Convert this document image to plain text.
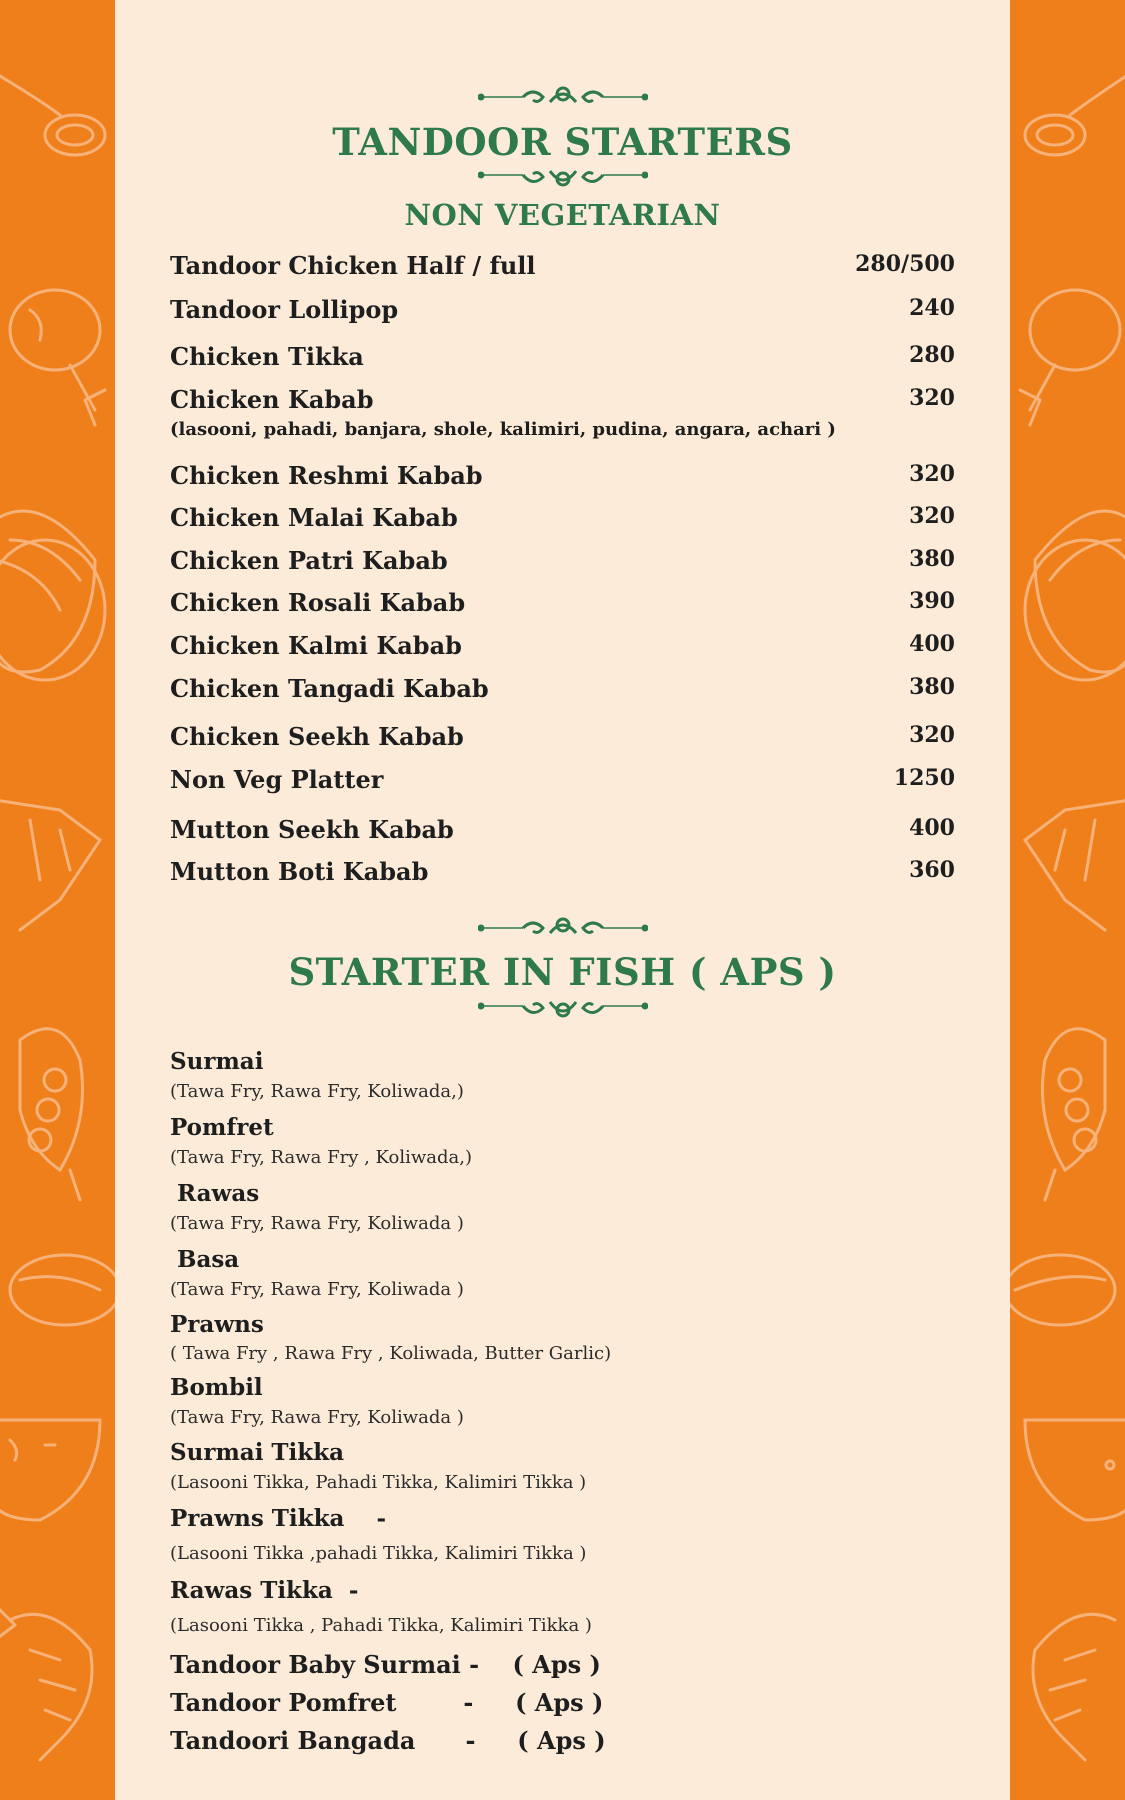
TANDOOR STARTERS
NON VEGETARIAN
Tandoor Chicken Half / full	280/500
Tandoor Lollipop	240
Chicken Tikka	280
Chicken Kabab	320
(lasooni, pahadi, banjara, shole, kalimiri, pudina, angara, achari )
Chicken Reshmi Kabab	320
Chicken Malai Kabab	320
Chicken Patri Kabab	380
Chicken Rosali Kabab	390
Chicken Kalmi Kabab	400
Chicken Tangadi Kabab	380
Chicken Seekh Kabab	320
Non Veg Platter	1250
Mutton Seekh Kabab	400
Mutton Boti Kabab	360
STARTER IN FISH ( APS )
Surmai
(Tawa Fry, Rawa Fry, Koliwada,)
Pomfret
(Tawa Fry, Rawa Fry , Koliwada,)
Rawas
(Tawa Fry, Rawa Fry, Koliwada )
Basa
(Tawa Fry, Rawa Fry, Koliwada )
Prawns
( Tawa Fry , Rawa Fry , Koliwada, Butter Garlic)
Bombil
(Tawa Fry, Rawa Fry, Koliwada )
Surmai Tikka
(Lasooni Tikka, Pahadi Tikka, Kalimiri Tikka )
Prawns Tikka    -
(Lasooni Tikka ,pahadi Tikka, Kalimiri Tikka )
Rawas Tikka  -
(Lasooni Tikka , Pahadi Tikka, Kalimiri Tikka )
Tandoor Baby Surmai -    ( Aps )
Tandoor Pomfret        -     ( Aps )
Tandoori Bangada      -     ( Aps )
